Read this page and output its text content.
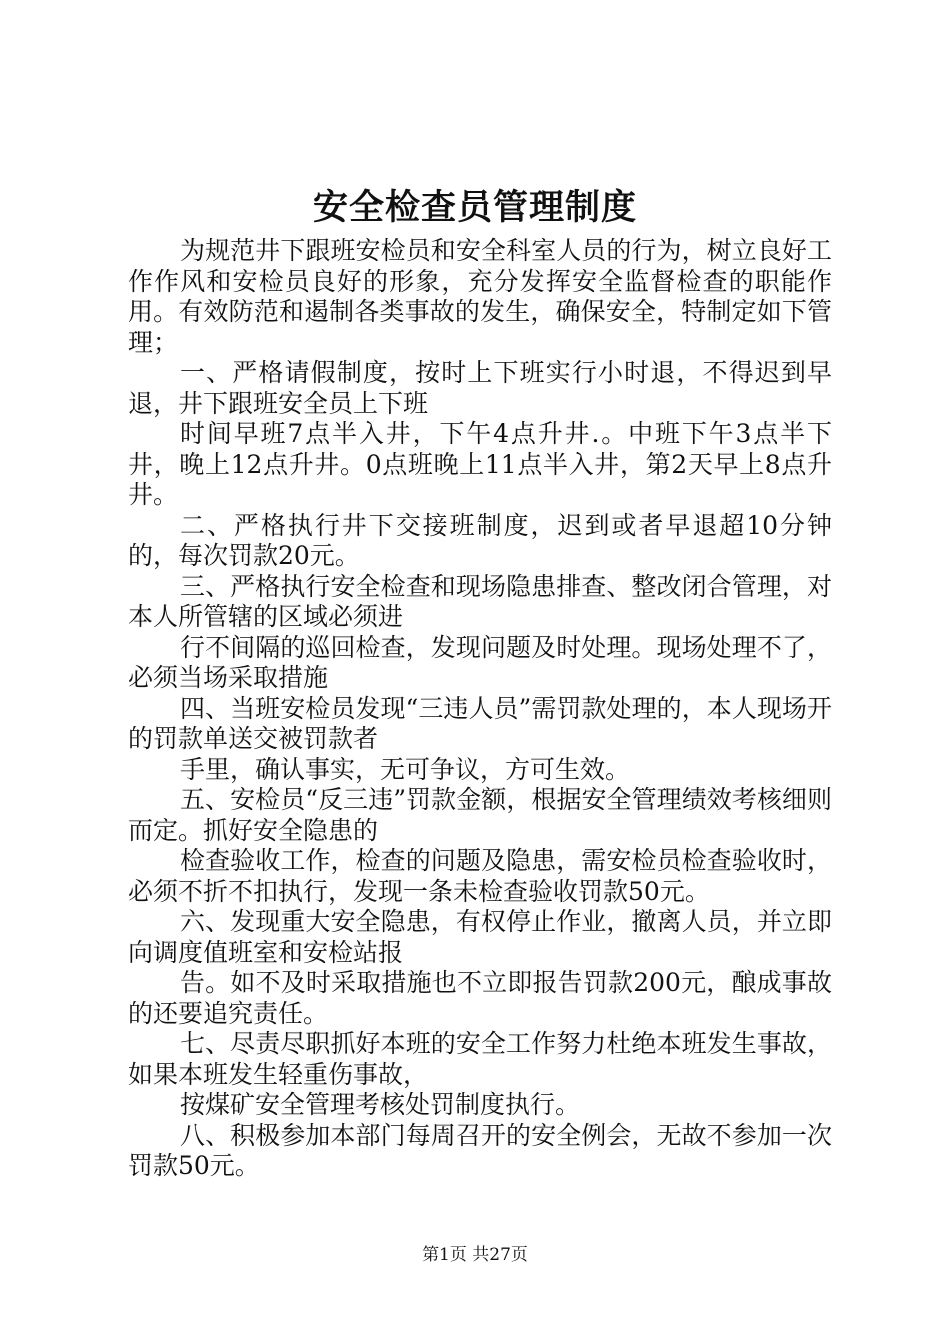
安全检查员管理制度

为规范井下跟班安检员和安全科室人员的行为，树立良好工作作风和安检员良好的形象，充分发挥安全监督检查的职能作用。有效防范和遏制各类事故的发生，确保安全，特制定如下管理；

一、严格请假制度，按时上下班实行小时退，不得迟到早退，井下跟班安全员上下班

时间早班7点半入井，下午4点升井.。中班下午3点半下井，晚上12点升井。0点班晚上11点半入井，第2天早上8点升井。

二、严格执行井下交接班制度，迟到或者早退超10分钟的，每次罚款20元。

三、严格执行安全检查和现场隐患排查、整改闭合管理，对本人所管辖的区域必须进

行不间隔的巡回检查，发现问题及时处理。现场处理不了，必须当场采取措施

四、当班安检员发现“三违人员”需罚款处理的，本人现场开的罚款单送交被罚款者

手里，确认事实，无可争议，方可生效。

五、安检员“反三违”罚款金额，根据安全管理绩效考核细则而定。抓好安全隐患的

检查验收工作，检查的问题及隐患，需安检员检查验收时，必须不折不扣执行，发现一条未检查验收罚款50元。

六、发现重大安全隐患，有权停止作业，撤离人员，并立即向调度值班室和安检站报

告。如不及时采取措施也不立即报告罚款200元，酿成事故的还要追究责任。

七、尽责尽职抓好本班的安全工作努力杜绝本班发生事故，如果本班发生轻重伤事故，

按煤矿安全管理考核处罚制度执行。

八、积极参加本部门每周召开的安全例会，无故不参加一次罚款50元。

第1页 共27页
